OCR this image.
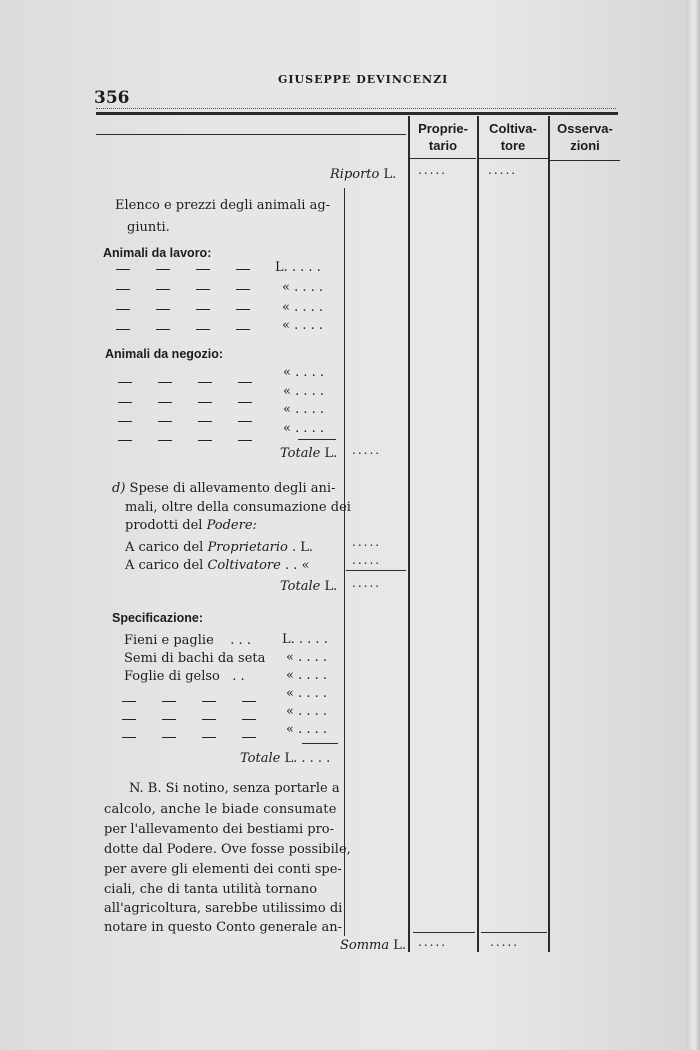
356
GIUSEPPE DEVINCENZI
Proprie-
tario
Coltiva-
tore
Osserva-
zioni
Riporto L. .....	.....
Elenco e prezzi degli animali ag-
giunti.
Animali da lavoro:
L. . . . .
« . . . .
« . . . .
« . . . .
Animali da negozio:
« . . . .
« . . . .
« . . . .
« . . . .
Totale L. .....
d) Spese di allevamento degli ani-
mali, oltre della consumazione dei
prodotti del Podere:
A carico del Proprietario . L.	.....
A carico del Coltivatore . . «	.....
Totale L. .....
Specificazione:
Fieni e paglie . . . L. . . . .
Semi di bachi da seta « . . . .
Foglie di gelso . .	« . . . .
« . . . .
« . . . .
« . . . .
Totale L. . . . .
N. B. Si notino, senza portarle a
calcolo, anche le biade consumate
per l'allevamento dei bestiami pro-
dotte dal Podere. Ove fosse possibile,
per avere gli elementi dei conti spe-
ciali, che di tanta utilità tornano
all'agricoltura, sarebbe utilissimo di
notare in questo Conto generale an-
Somma L. .....	.....
